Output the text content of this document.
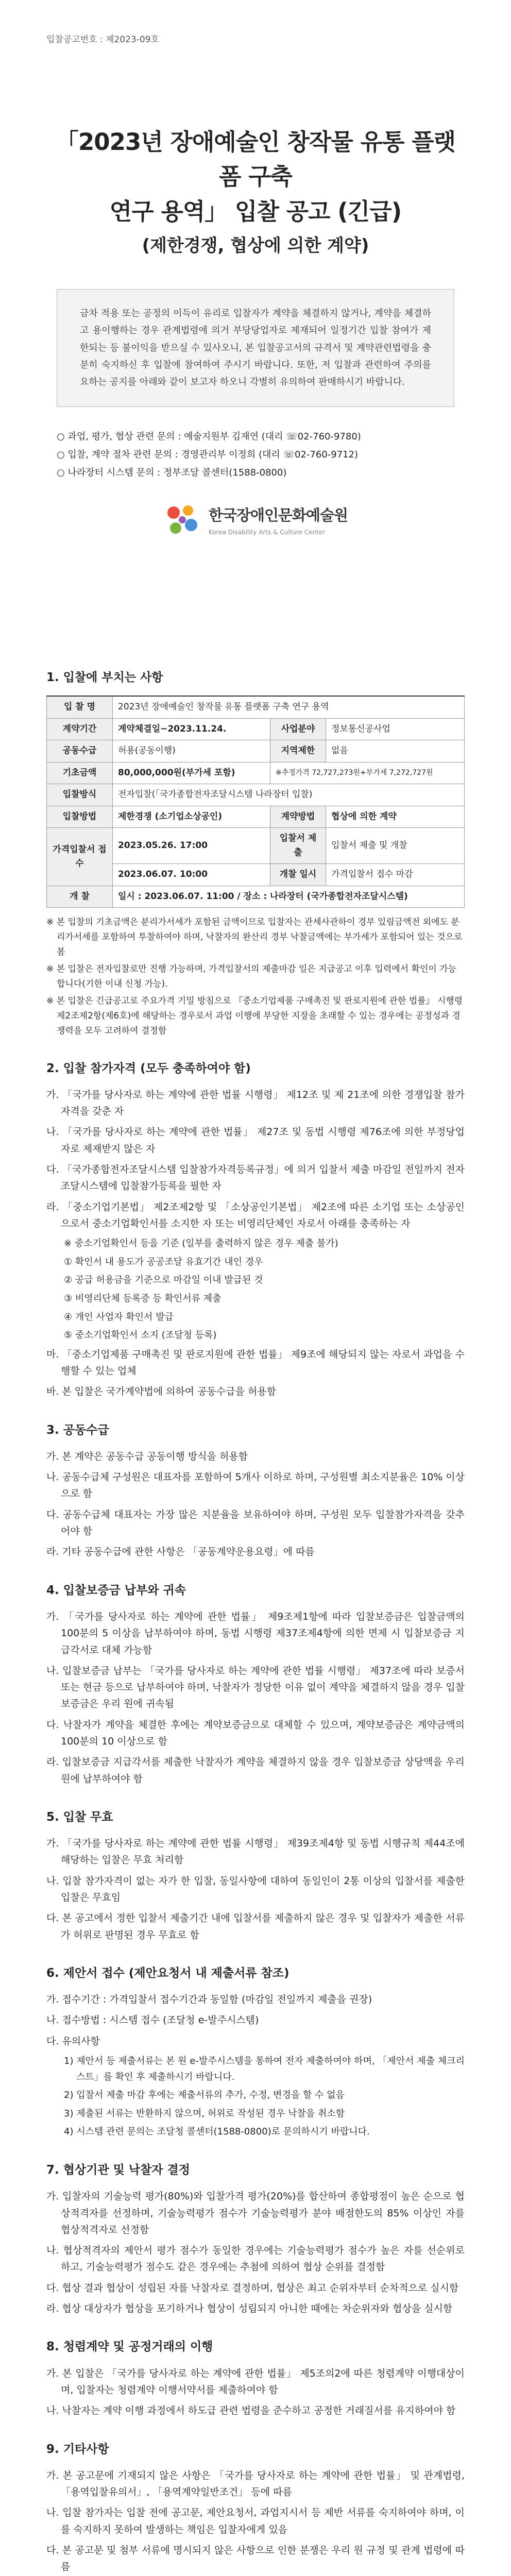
입찰공고번호 : 제2023-09호
「2023년 장애예술인 창작물 유통 플랫폼 구축
연구 용역」 입찰 공고 (긴급)
(제한경쟁, 협상에 의한 계약)
금차 적용 또는 공정의 이득이 유리로 입찰자가 계약을 체결하지 않거나, 계약을 체결하고 용이행하는 경우 관계법령에 의거 부당당업자로 제재되어 일정기간 입찰 참여가 제한되는 등 불이익을 받으실 수 있사오니, 본 입찰공고서의 규격서 및 계약관련법령을 충분히 숙지하신 후 입찰에 참여하여 주시기 바랍니다. 또한, 저 입찰과 관련하여 주의를 요하는 공지를 아래와 같이 보고자 하오니 각별히 유의하여 판매하시기 바랍니다.
○ 과업, 평가, 협상 관련 문의 : 예술지원부 김재연 (대리 ☏02-760-9780)
○ 입찰, 계약 절차 관련 문의 : 경영관리부 이정희 (대리 ☏02-760-9712)
○ 나라장터 시스템 문의 : 정부조달 콜센터(1588-0800)
한국장애인문화예술원
Korea Disability Arts & Culture Center
1. 입찰에 부치는 사항
입 찰 명	2023년 장애예술인 창작물 유통 플랫폼 구축 연구 용역		
계약기간	계약체결일~2023.11.24.	사업분야	정보통신공사업
공동수급	허용(공동이행)	지역제한	없음
기초금액	80,000,000원(부가세 포함)	※추정가격 72,727,273원+부가세 7,272,727원	
입찰방식	전자입찰(「국가종합전자조달시스템 나라장터 입찰)		
입찰방법	제한경쟁 (소기업소상공인)	계약방법	협상에 의한 계약
가격입찰서 접수	2023.05.26. 17:00	입찰서 제출	입찰서 제출 및 개찰
	2023.06.07. 10:00	개찰 일시	가격입찰서 접수 마감
개 찰	일시 : 2023.06.07. 11:00 / 장소 : 나라장터 (국가종합전자조달시스템)		

※ 본 입찰의 기초금액은 분리가서세가 포함된 금액이므로 입찰자는 관세사관하이 경부 있림금액전 외에도 분리가서세를 포함하여 투찰하여야 하며, 낙찰자의 완산리 경부 낙찰금액에는 부가세가 포함되어 있는 것으로 봄

※ 본 입찰은 전자입찰로만 진행 가능하며, 가격입찰서의 제출마감 일은 지급공고 이후 입력에서 확인이 가능합니다(기한 이내 신청 가능).

※ 본 입찰은 긴급공고로 주요가격 기밀 방침으로 『중소기업제품 구매촉진 및 판로지원에 관한 법률』 시행령 제2조제2항(제6호)에 해당하는 경우로서 과업 이행에 부당한 지장을 초래할 수 있는 경우에는 공정성과 경쟁력을 모두 고려하여 결정함

2. 입찰 참가자격 (모두 충족하여야 함)
가. 「국가를 당사자로 하는 계약에 관한 법률 시행령」 제12조 및 제 21조에 의한 경쟁입찰 참가자격을 갖춘 자
나. 「국가를 당사자로 하는 계약에 관한 법률」 제27조 및 동법 시행령 제76조에 의한 부정당업자로 제재받지 않은 자
다. 「국가종합전자조달시스템 입찰참가자격등록규정」에 의거 입찰서 제출 마감일 전일까지 전자조달시스템에 입찰참가등록을 필한 자
라. 「중소기업기본법」 제2조제2항 및 「소상공인기본법」 제2조에 따른 소기업 또는 소상공인으로서 중소기업확인서를 소지한 자 또는 비영리단체인 자로서 아래를 충족하는 자
※ 중소기업확인서 등을 기준 (일부를 출력하지 않은 경우 제출 불가)
① 확인서 내 용도가 공공조달 유효기간 내인 경우
② 공급 허용금을 기준으로 마감일 이내 발급된 것
③ 비영리단체 등록증 등 확인서류 제출
④ 개인 사업자 확인서 발급
⑤ 중소기업확인서 소지 (조달청 등록)
마. 「중소기업제품 구매촉진 및 판로지원에 관한 법률」 제9조에 해당되지 않는 자로서 과업을 수행할 수 있는 업체
바. 본 입찰은 국가계약법에 의하여 공동수급을 허용함
3. 공동수급
가. 본 계약은 공동수급 공동이행 방식을 허용함
나. 공동수급체 구성원은 대표자를 포함하여 5개사 이하로 하며, 구성원별 최소지분율은 10% 이상으로 함
다. 공동수급체 대표자는 가장 많은 지분율을 보유하여야 하며, 구성원 모두 입찰참가자격을 갖추어야 함
라. 기타 공동수급에 관한 사항은 「공동계약운용요령」에 따름
4. 입찰보증금 납부와 귀속
가. 「국가를 당사자로 하는 계약에 관한 법률」 제9조제1항에 따라 입찰보증금은 입찰금액의 100분의 5 이상을 납부하여야 하며, 동법 시행령 제37조제4항에 의한 면제 시 입찰보증금 지급각서로 대체 가능함
나. 입찰보증금 납부는 「국가를 당사자로 하는 계약에 관한 법률 시행령」 제37조에 따라 보증서 또는 현금 등으로 납부하여야 하며, 낙찰자가 정당한 이유 없이 계약을 체결하지 않을 경우 입찰보증금은 우리 원에 귀속됨
다. 낙찰자가 계약을 체결한 후에는 계약보증금으로 대체할 수 있으며, 계약보증금은 계약금액의 100분의 10 이상으로 함
라. 입찰보증금 지급각서를 제출한 낙찰자가 계약을 체결하지 않을 경우 입찰보증금 상당액을 우리 원에 납부하여야 함
5. 입찰 무효
가. 「국가를 당사자로 하는 계약에 관한 법률 시행령」 제39조제4항 및 동법 시행규칙 제44조에 해당하는 입찰은 무효 처리함
나. 입찰 참가자격이 없는 자가 한 입찰, 동일사항에 대하여 동일인이 2통 이상의 입찰서를 제출한 입찰은 무효임
다. 본 공고에서 정한 입찰서 제출기간 내에 입찰서를 제출하지 않은 경우 및 입찰자가 제출한 서류가 허위로 판명된 경우 무효로 함
6. 제안서 접수 (제안요청서 내 제출서류 참조)
가. 접수기간 : 가격입찰서 접수기간과 동일함 (마감일 전일까지 제출을 권장)
나. 접수방법 : 시스템 접수 (조달청 e-발주시스템)
다. 유의사항
1) 제안서 등 제출서류는 본 원 e-발주시스템을 통하여 전자 제출하여야 하며, 「제안서 제출 체크리스트」를 확인 후 제출하시기 바랍니다.
2) 입찰서 제출 마감 후에는 제출서류의 추가, 수정, 변경을 할 수 없음
3) 제출된 서류는 반환하지 않으며, 허위로 작성된 경우 낙찰을 취소함
4) 시스템 관련 문의는 조달청 콜센터(1588-0800)로 문의하시기 바랍니다.
7. 협상기관 및 낙찰자 결정
가. 입찰자의 기술능력 평가(80%)와 입찰가격 평가(20%)를 합산하여 종합평점이 높은 순으로 협상적격자를 선정하며, 기술능력평가 점수가 기술능력평가 분야 배점한도의 85% 이상인 자를 협상적격자로 선정함
나. 협상적격자의 제안서 평가 점수가 동일한 경우에는 기술능력평가 점수가 높은 자를 선순위로 하고, 기술능력평가 점수도 같은 경우에는 추첨에 의하여 협상 순위를 결정함
다. 협상 결과 협상이 성립된 자를 낙찰자로 결정하며, 협상은 최고 순위자부터 순차적으로 실시함
라. 협상 대상자가 협상을 포기하거나 협상이 성립되지 아니한 때에는 차순위자와 협상을 실시함
8. 청렴계약 및 공정거래의 이행
가. 본 입찰은 「국가를 당사자로 하는 계약에 관한 법률」 제5조의2에 따른 청렴계약 이행대상이며, 입찰자는 청렴계약 이행서약서를 제출하여야 함
나. 낙찰자는 계약 이행 과정에서 하도급 관련 법령을 준수하고 공정한 거래질서를 유지하여야 함
9. 기타사항
가. 본 공고문에 기재되지 않은 사항은 「국가를 당사자로 하는 계약에 관한 법률」 및 관계법령, 「용역입찰유의서」, 「용역계약일반조건」 등에 따름
나. 입찰 참가자는 입찰 전에 공고문, 제안요청서, 과업지시서 등 제반 서류를 숙지하여야 하며, 이를 숙지하지 못하여 발생하는 책임은 입찰자에게 있음
다. 본 공고문 및 첨부 서류에 명시되지 않은 사항으로 인한 분쟁은 우리 원 규정 및 관계 법령에 따름
